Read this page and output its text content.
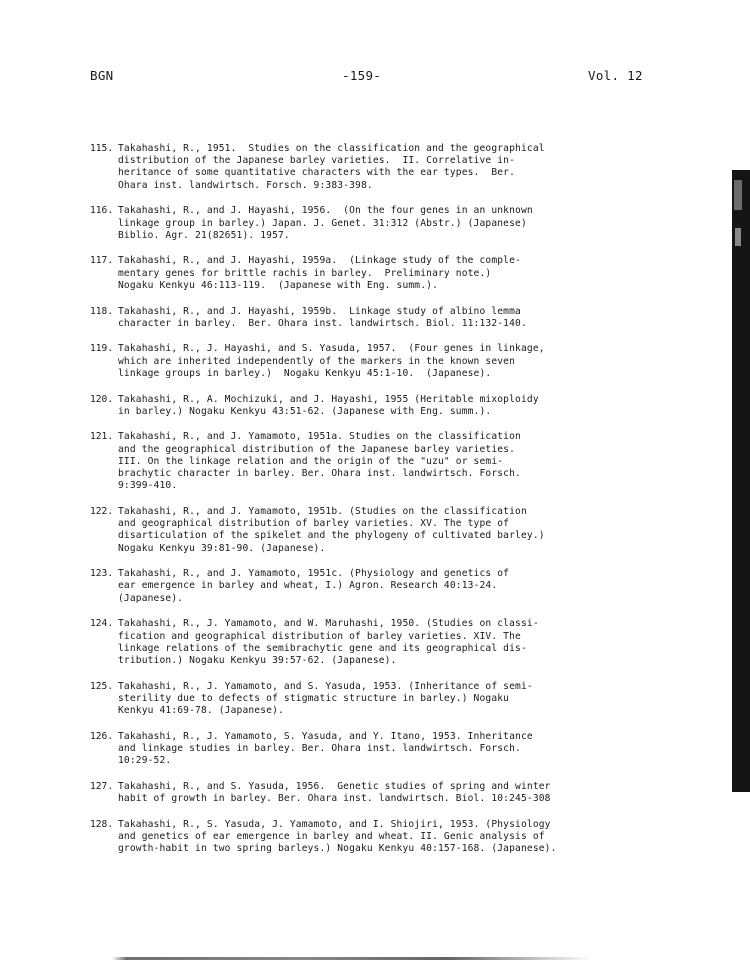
BGN	-159-	Vol. 12
115. Takahashi, R., 1951.  Studies on the classification and the geographical
distribution of the Japanese barley varieties.  II. Correlative in-
heritance of some quantitative characters with the ear types.  Ber.
Ohara inst. landwirtsch. Forsch. 9:383-398.
116. Takahashi, R., and J. Hayashi, 1956.  (On the four genes in an unknown
linkage group in barley.) Japan. J. Genet. 31:312 (Abstr.) (Japanese)
Biblio. Agr. 21(82651). 1957.
117. Takahashi, R., and J. Hayashi, 1959a.  (Linkage study of the comple-
mentary genes for brittle rachis in barley.  Preliminary note.)
Nogaku Kenkyu 46:113-119.  (Japanese with Eng. summ.).
118. Takahashi, R., and J. Hayashi, 1959b.  Linkage study of albino lemma
character in barley.  Ber. Ohara inst. landwirtsch. Biol. 11:132-140.
119. Takahashi, R., J. Hayashi, and S. Yasuda, 1957.  (Four genes in linkage,
which are inherited independently of the markers in the known seven
linkage groups in barley.)  Nogaku Kenkyu 45:1-10.  (Japanese).
120. Takahashi, R., A. Mochizuki, and J. Hayashi, 1955 (Heritable mixoploidy
in barley.) Nogaku Kenkyu 43:51-62. (Japanese with Eng. summ.).
121. Takahashi, R., and J. Yamamoto, 1951a. Studies on the classification
and the geographical distribution of the Japanese barley varieties.
III. On the linkage relation and the origin of the "uzu" or semi-
brachytic character in barley. Ber. Ohara inst. landwirtsch. Forsch.
9:399-410.
122. Takahashi, R., and J. Yamamoto, 1951b. (Studies on the classification
and geographical distribution of barley varieties. XV. The type of
disarticulation of the spikelet and the phylogeny of cultivated barley.)
Nogaku Kenkyu 39:81-90. (Japanese).
123. Takahashi, R., and J. Yamamoto, 1951c. (Physiology and genetics of
ear emergence in barley and wheat, I.) Agron. Research 40:13-24.
(Japanese).
124. Takahashi, R., J. Yamamoto, and W. Maruhashi, 1950. (Studies on classi-
fication and geographical distribution of barley varieties. XIV. The
linkage relations of the semibrachytic gene and its geographical dis-
tribution.) Nogaku Kenkyu 39:57-62. (Japanese).
125. Takahashi, R., J. Yamamoto, and S. Yasuda, 1953. (Inheritance of semi-
sterility due to defects of stigmatic structure in barley.) Nogaku
Kenkyu 41:69-78. (Japanese).
126. Takahashi, R., J. Yamamoto, S. Yasuda, and Y. Itano, 1953. Inheritance
and linkage studies in barley. Ber. Ohara inst. landwirtsch. Forsch.
10:29-52.
127. Takahashi, R., and S. Yasuda, 1956.  Genetic studies of spring and winter
habit of growth in barley. Ber. Ohara inst. landwirtsch. Biol. 10:245-308
128. Takahashi, R., S. Yasuda, J. Yamamoto, and I. Shiojiri, 1953. (Physiology
and genetics of ear emergence in barley and wheat. II. Genic analysis of
growth-habit in two spring barleys.) Nogaku Kenkyu 40:157-168. (Japanese).
